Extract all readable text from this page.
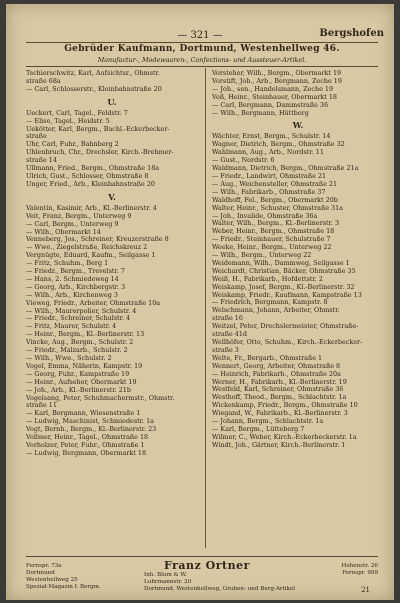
— 321 —	Bergshofen
Gebrüder Kaufmann, Dortmund, Westenhellweg 46.
Manufactur-, Modewaaren-, Confections- und Aussteuer-Artikel.

Tschierschwitz, Karl, Aufsichtsr., Ohmstr.

straße 68a

— Carl, Schlosserstr., Kleinbahnstraße 20

U.

Ueckert, Carl, Tagel., Feldstr. 7

— Elise, Tagel., Heidstr. 5

Uekötter, Karl, Bergm., Bachl.-Eckerbecker-

straße

Uhr, Carl, Fuhr., Bahnberg 2

Uhlenbruch, Chr., Drechsler, Kirch.-Brehmer-

straße 14

Ullmann, Fried., Bergm., Ohmstraße 18a

Ulrich, Gust., Schlosser, Ohmstraße 8

Unger, Fried., Arb., Kleinbahnstraße 20

V.

Valentin, Kasimir, Arb., Kl.-Berlinerstr. 4

Veit, Franz, Bergm., Unterweg 9

— Carl, Bergm., Unterweg 9

— Wilh., Obermarkt 14

Venneberg, Jos., Schreiner, Kreuzerstraße 8

— Wwe., Ziegelstraße, Reichskreuz 2

Vergnügte, Eduard, Kaufm., Seilgasse 1

— Fritz, Schuhm., Berg 1

— Friedr., Bergm., Trevelstr. 7

— Hans, 2. Schmiedeweg 14

— Georg, Arb., Kirchbergstr. 3

— Wilh., Arb., Kirchenweg 3

Vieweg, Friedr., Arbeiter, Ohmstraße 10a

— Wilh., Maurerpolier, Schulstr. 4

— Friedr., Schreiner, Schulstr. 4

— Fritz, Maurer, Schulstr. 4

— Heinr., Bergm., Kl.-Berlinerstr. 13

Vincke, Aug., Bergm., Schulstr. 2

— Friedr., Malzarb., Schulstr. 2

— Wilh., Wwe., Schulstr. 2

Vogel, Emma, Näherin, Kampstr. 19

— Georg, Fuhr., Kampstraße 19

— Heinr., Aufseher, Obermarkt 19

— Joh., Arb., Kl.-Berlinerstr. 21b

Vogelsang, Peter, Schuhmachermstr., Ohmstr.

straße 11

— Karl, Bergmann, Wiesenstraße 1

— Ludwig, Maschinist, Schmiedestr. 1a

Vogt, Bernh., Bergm., Kl.-Berlinerstr. 23

Vollmer, Heinr., Tagel., Ohmstraße 18

Vorholzer, Peter, Fuhr., Ohmstraße 1

— Ludwig, Bergmann, Obermarkt 18

Vorsteher, Wilh., Bergm., Obermarkt 19

Vorstift, Joh., Arb., Bergmann, Zeche 19

— Joh., sen., Handelsmann, Zeche 19

Voß, Heinr., Steinhauer, Obermarkt 18

— Carl, Bergmann, Dammstraße 36

— Wilh., Bergmann, Hüttberg

W.

Wächter, Ernst, Bergm., Schulstr. 14

Wagner, Dietrich, Bergm., Ohmstraße 32

Wahlmann, Aug., Arb., Nordstr. 11

— Gust., Nordstr. 6

Waldmann, Dietrich, Bergm., Ohmstraße 21a

— Friedr., Landwirt, Ohmstraße 21

— Aug., Weichensteller, Ohmstraße 21

— Wilh., Fabrikarb., Ohmstraße 37

Waldhoff, Fel., Bergm., Obermarkt 20b

Walter, Heinr., Schuster, Ohmstraße 31a

— Joh., Invalide, Ohmstraße 36a

Walter, Wilh., Bergm., Kl.-Berlinerstr. 3

Weber, Heinr., Bergm., Ohmstraße 18

— Friedr., Steinhauer, Schulstraße 7

Weeke, Heinr., Bergm., Unterweg 22

— Wilh., Bergm., Unterweg 22

Weidemann, Wilh., Dammweg, Seilgasse 1

Weichardt, Christian, Bäcker, Ohmstraße 35

Weiß, H., Fabrikarb., Hofdettstr. 2

Weiskamp, Josef, Bergm., Kl.-Berlinerstr. 32

Weiskamp, Friedr., Kaufmann, Kampstraße 13

— Friedrich, Bergmann, Kampstr. 8

Welschmann, Johann, Arbeiter, Ohmstr.

straße 16

Weitzel, Peter, Drechslermeister, Ohmstraße-

straße 41d

Wellhöfer, Otto, Schuhm., Kirch.-Eckerbecker-

straße 3

Welte, Fr., Bergarb., Ohmstraße 1

Wennert, Georg, Arbeiter, Ohmstraße 8

— Heinrich, Fabrikarb., Ohmstraße 20a

Werner, H., Fabrikarb., Kl.-Berlinerstr. 19

Westfeld, Karl, Schreiner, Ohmstraße 36

Westhoff, Theod., Bergm., Schlachtstr. 1a

Wickenkamp, Friedr., Bergm., Ohmstraße 10

Wiegand, W., Fabrikarb., Kl.-Berlinerstr. 3

— Johann, Bergm., Schlachtstr. 1a

— Karl, Bergm., Lütteberg 7

Wilmer, C., Weber, Kirch.-Eckerbeckerstr. 1a

Windt, Joh., Gärtner, Kirch.-Berlinerstr. 1

Fernspr. 73e
Dortmund
Westenhellweg 25
Spezial-Magazin f. Bergm.
Franz Ortner
Inh. Blum & W.
Luhrmannstr. 20
Dortmund, Westenhellweg, Gruben- und Berg-Artikel
Hohenstr. 26
Fernspr. 999
21
